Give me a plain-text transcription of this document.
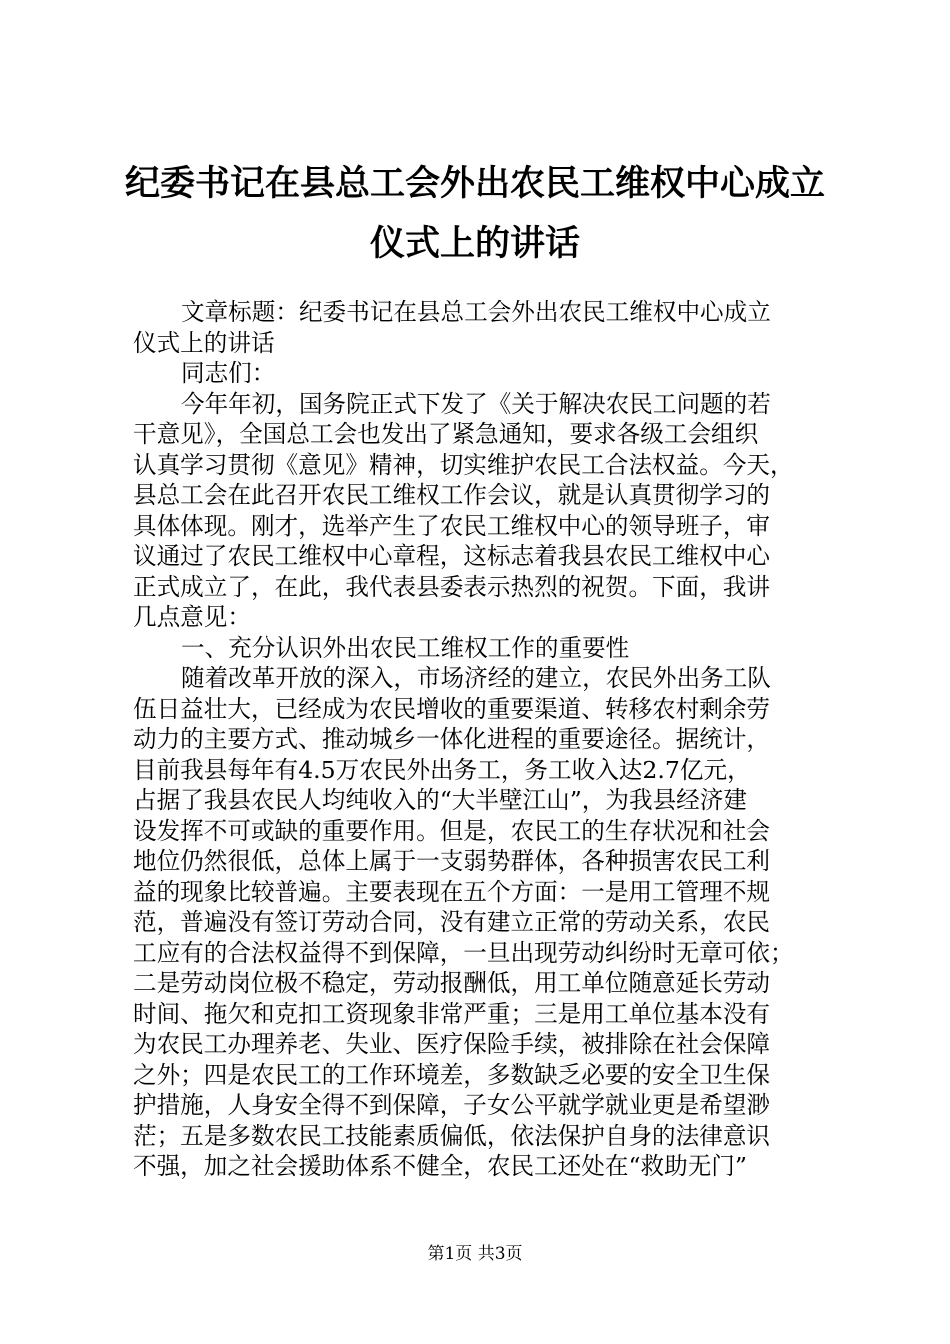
纪委书记在县总工会外出农民工维权中心成立
仪式上的讲话
文章标题：纪委书记在县总工会外出农民工维权中心成立
仪式上的讲话
同志们：
今年年初，国务院正式下发了《关于解决农民工问题的若
干意见》，全国总工会也发出了紧急通知，要求各级工会组织
认真学习贯彻《意见》精神，切实维护农民工合法权益。今天，
县总工会在此召开农民工维权工作会议，就是认真贯彻学习的
具体体现。刚才，选举产生了农民工维权中心的领导班子，审
议通过了农民工维权中心章程，这标志着我县农民工维权中心
正式成立了，在此，我代表县委表示热烈的祝贺。下面，我讲
几点意见：
一、充分认识外出农民工维权工作的重要性
随着改革开放的深入，市场济经的建立，农民外出务工队
伍日益壮大，已经成为农民增收的重要渠道、转移农村剩余劳
动力的主要方式、推动城乡一体化进程的重要途径。据统计，
目前我县每年有4.5万农民外出务工，务工收入达2.7亿元，
占据了我县农民人均纯收入的“大半壁江山”，为我县经济建
设发挥不可或缺的重要作用。但是，农民工的生存状况和社会
地位仍然很低，总体上属于一支弱势群体，各种损害农民工利
益的现象比较普遍。主要表现在五个方面：一是用工管理不规
范，普遍没有签订劳动合同，没有建立正常的劳动关系，农民
工应有的合法权益得不到保障，一旦出现劳动纠纷时无章可依；
二是劳动岗位极不稳定，劳动报酬低，用工单位随意延长劳动
时间、拖欠和克扣工资现象非常严重；三是用工单位基本没有
为农民工办理养老、失业、医疗保险手续，被排除在社会保障
之外；四是农民工的工作环境差，多数缺乏必要的安全卫生保
护措施，人身安全得不到保障，子女公平就学就业更是希望渺
茫；五是多数农民工技能素质偏低，依法保护自身的法律意识
不强，加之社会援助体系不健全，农民工还处在“救助无门”
第1页 共3页
